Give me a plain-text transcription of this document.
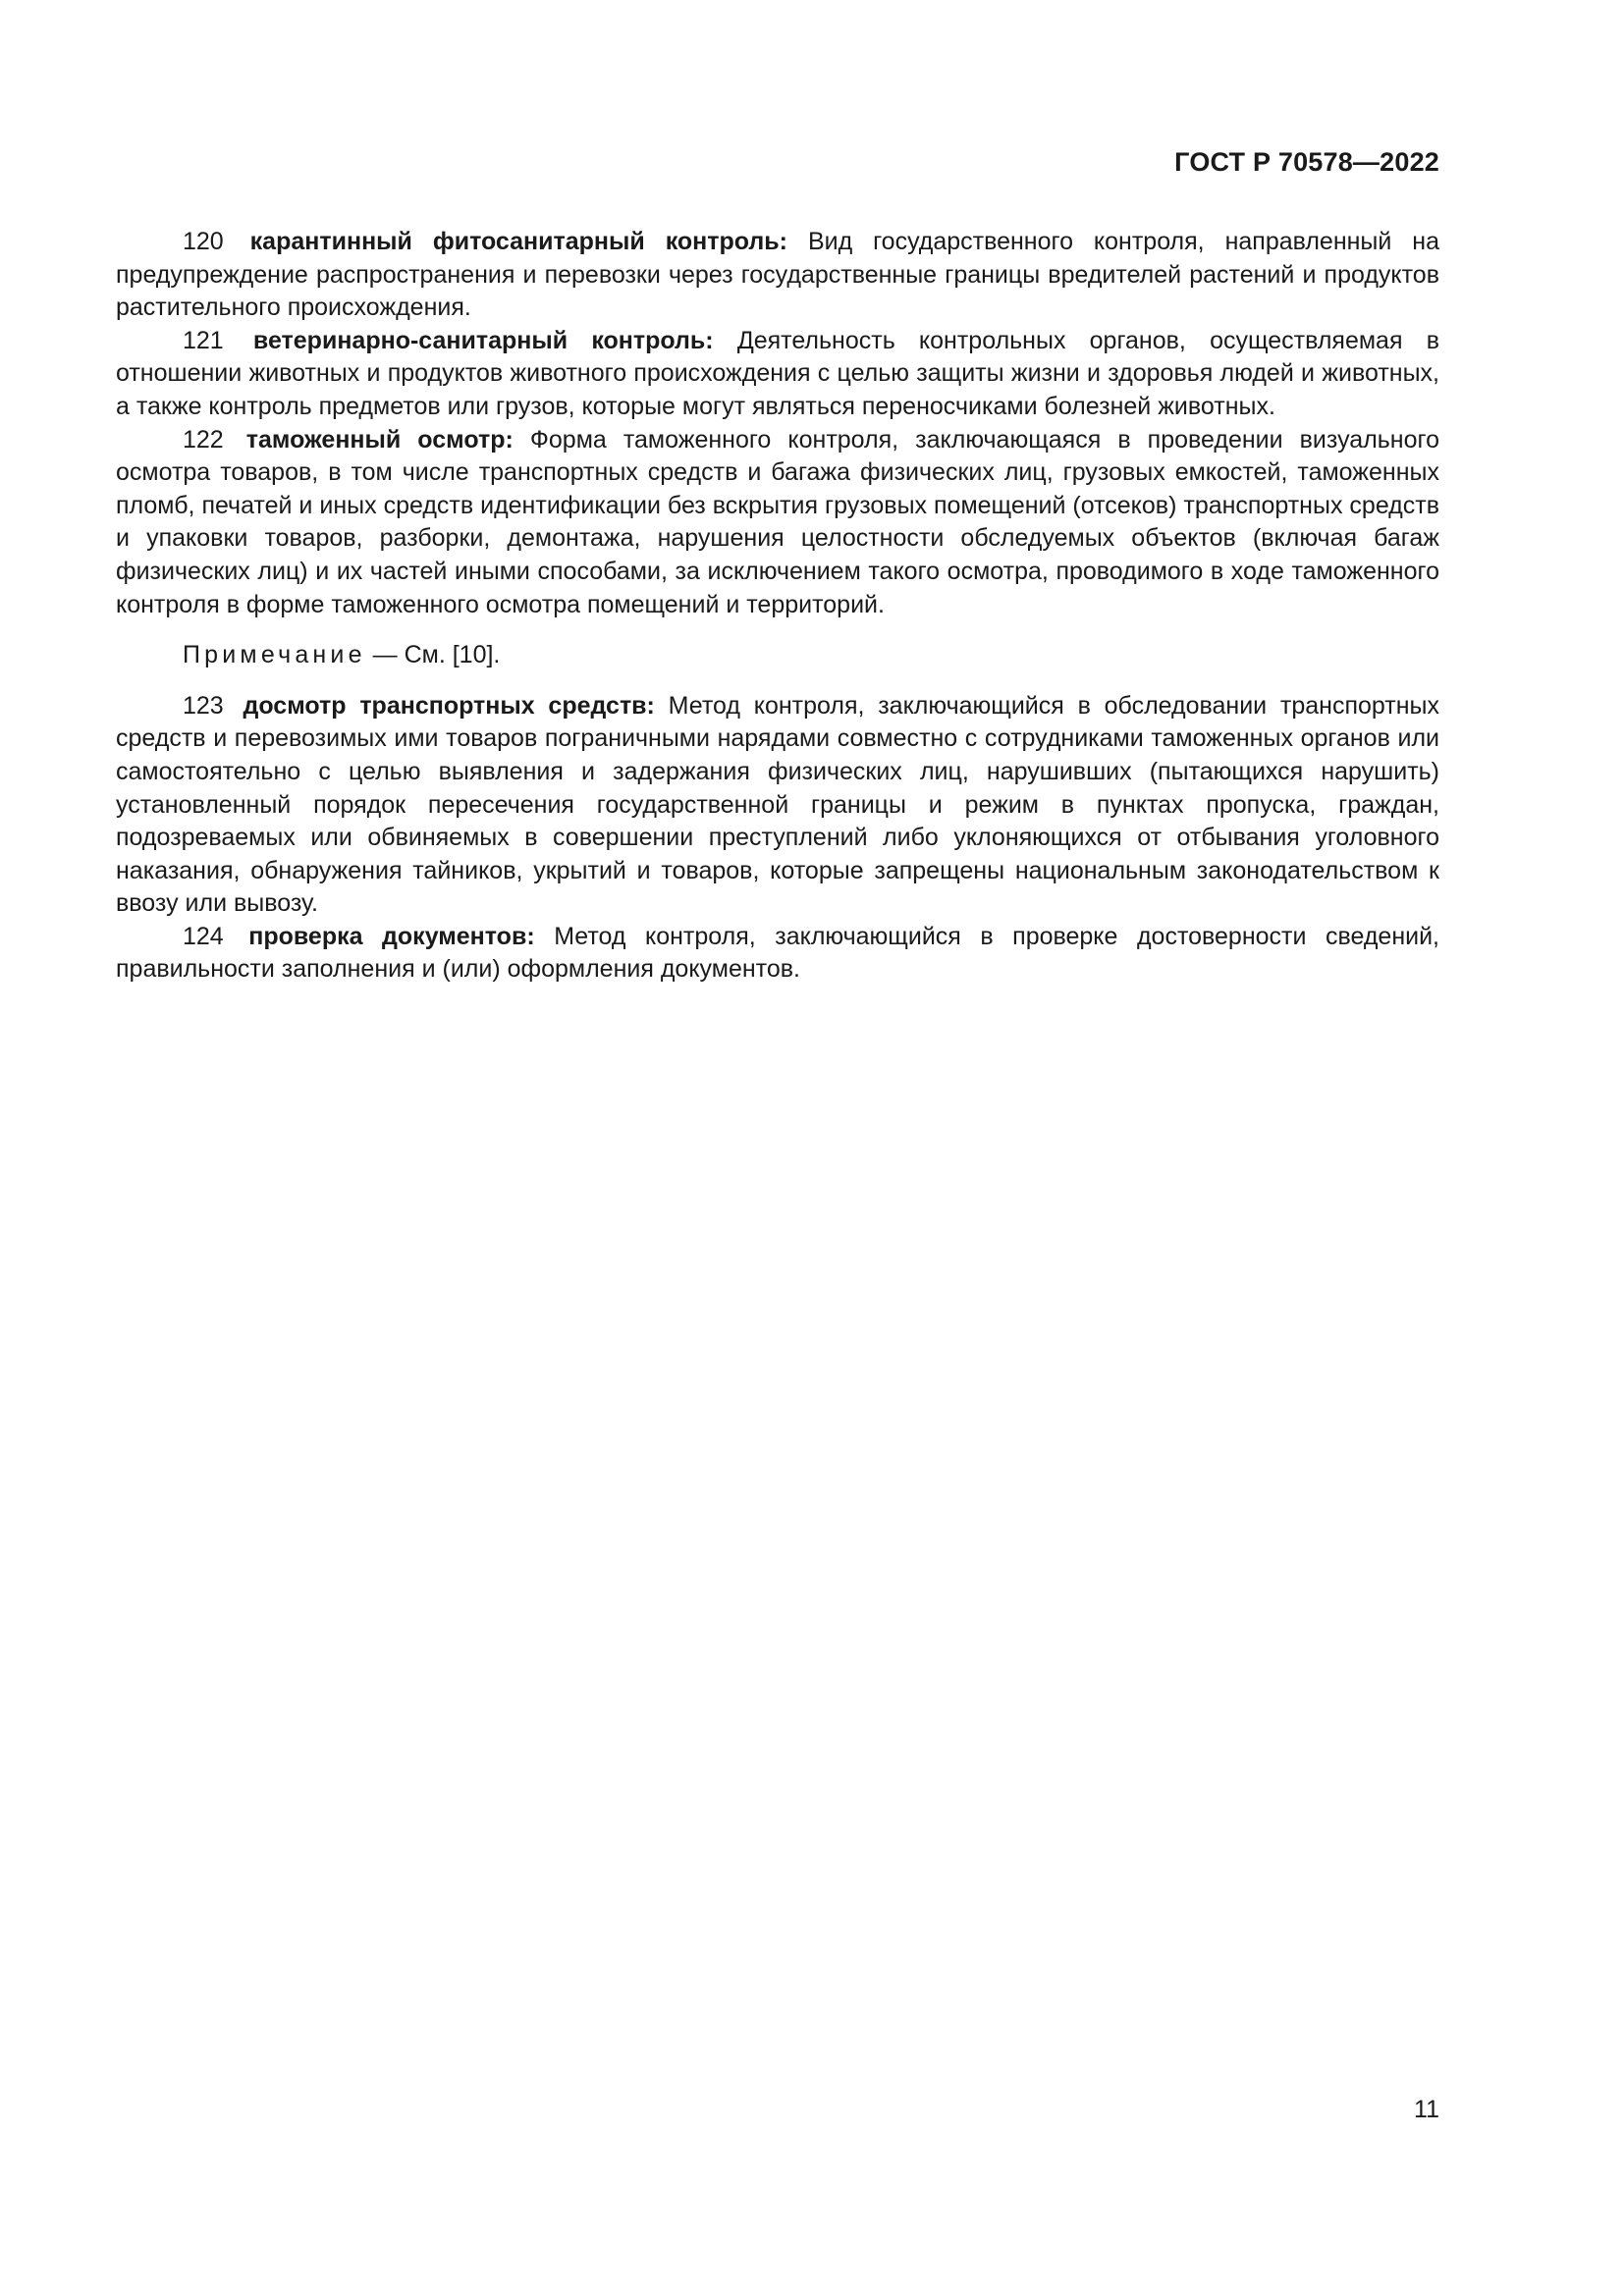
ГОСТ Р 70578—2022

120 карантинный фитосанитарный контроль: Вид государственного контроля, направленный на предупреждение распространения и перевозки через государственные границы вредителей растений и продуктов растительного происхождения.

121 ветеринарно-санитарный контроль: Деятельность контрольных органов, осуществляемая в отношении животных и продуктов животного происхождения с целью защиты жизни и здоровья людей и животных, а также контроль предметов или грузов, которые могут являться переносчиками болезней животных.

122 таможенный осмотр: Форма таможенного контроля, заключающаяся в проведении визуального осмотра товаров, в том числе транспортных средств и багажа физических лиц, грузовых емкостей, таможенных пломб, печатей и иных средств идентификации без вскрытия грузовых помещений (отсеков) транспортных средств и упаковки товаров, разборки, демонтажа, нарушения целостности обследуемых объектов (включая багаж физических лиц) и их частей иными способами, за исключением такого осмотра, проводимого в ходе таможенного контроля в форме таможенного осмотра помещений и территорий.

Примечание — См. [10].

123 досмотр транспортных средств: Метод контроля, заключающийся в обследовании транспортных средств и перевозимых ими товаров пограничными нарядами совместно с сотрудниками таможенных органов или самостоятельно с целью выявления и задержания физических лиц, нарушивших (пытающихся нарушить) установленный порядок пересечения государственной границы и режим в пунктах пропуска, граждан, подозреваемых или обвиняемых в совершении преступлений либо уклоняющихся от отбывания уголовного наказания, обнаружения тайников, укрытий и товаров, которые запрещены национальным законодательством к ввозу или вывозу.

124 проверка документов: Метод контроля, заключающийся в проверке достоверности сведений, правильности заполнения и (или) оформления документов.

11
